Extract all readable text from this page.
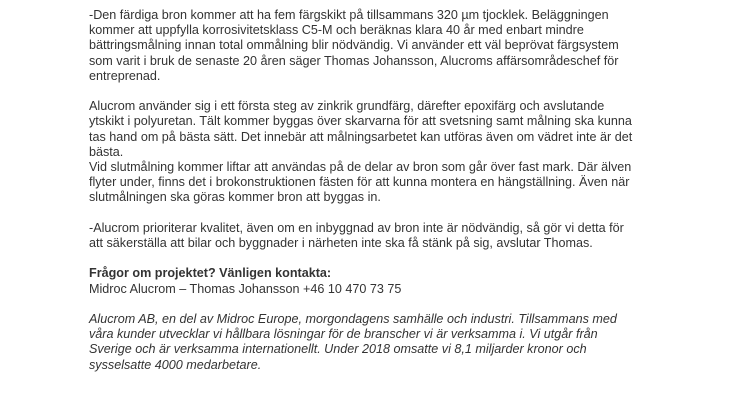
-Den färdiga bron kommer att ha fem färgskikt på tillsammans 320 µm tjocklek. Beläggningen
kommer att uppfylla korrosivitetsklass C5-M och beräknas klara 40 år med enbart mindre
bättringsmålning innan total ommålning blir nödvändig. Vi använder ett väl beprövat färgsystem
som varit i bruk de senaste 20 åren säger Thomas Johansson, Alucroms affärsområdeschef för
entreprenad.

Alucrom använder sig i ett första steg av zinkrik grundfärg, därefter epoxifärg och avslutande
ytskikt i polyuretan. Tält kommer byggas över skarvarna för att svetsning samt målning ska kunna
tas hand om på bästa sätt. Det innebär att målningsarbetet kan utföras även om vädret inte är det
bästa.

Vid slutmålning kommer liftar att användas på de delar av bron som går över fast mark. Där älven
flyter under, finns det i brokonstruktionen fästen för att kunna montera en hängställning. Även när
slutmålningen ska göras kommer bron att byggas in.

-Alucrom prioriterar kvalitet, även om en inbyggnad av bron inte är nödvändig, så gör vi detta för
att säkerställa att bilar och byggnader i närheten inte ska få stänk på sig, avslutar Thomas.

Frågor om projektet? Vänligen kontakta:

Midroc Alucrom – Thomas Johansson +46 10 470 73 75

Alucrom AB, en del av Midroc Europe, morgondagens samhälle och industri. Tillsammans med
våra kunder utvecklar vi hållbara lösningar för de branscher vi är verksamma i. Vi utgår från
Sverige och är verksamma internationellt. Under 2018 omsatte vi 8,1 miljarder kronor och
sysselsatte 4000 medarbetare.
